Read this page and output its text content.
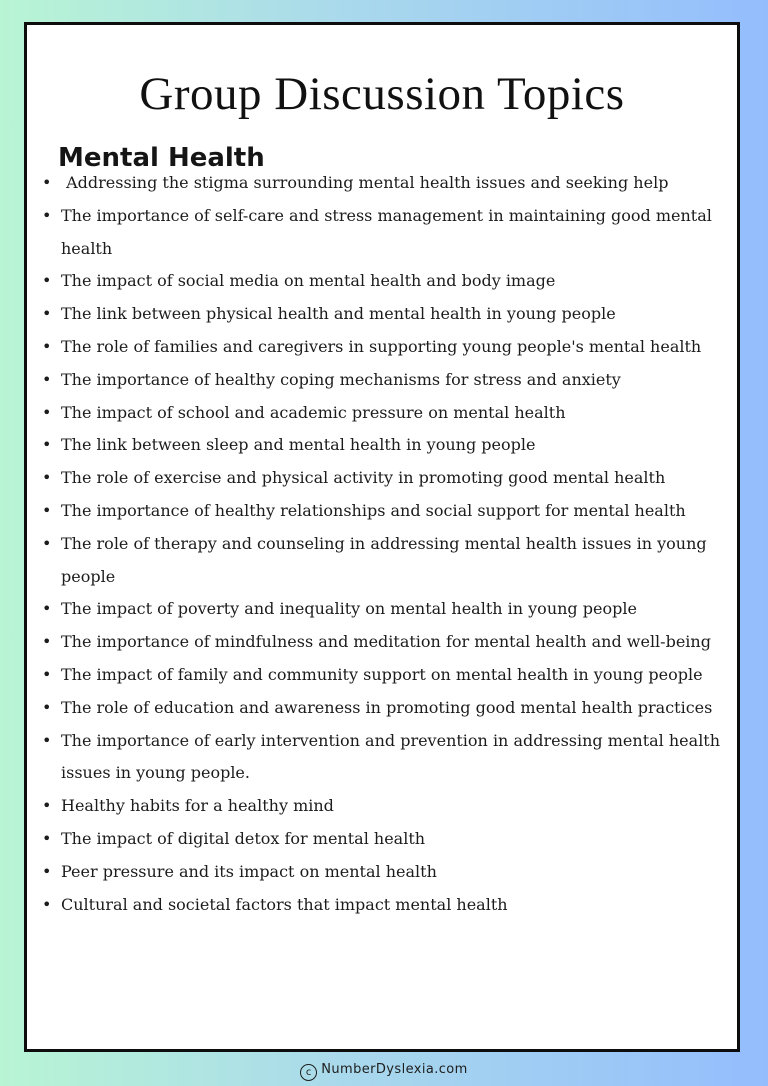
Group Discussion Topics
Mental Health
• Addressing the stigma surrounding mental health issues and seeking help
• The importance of self-care and stress management in maintaining good mental health
• The impact of social media on mental health and body image
• The link between physical health and mental health in young people
• The role of families and caregivers in supporting young people's mental health
• The importance of healthy coping mechanisms for stress and anxiety
• The impact of school and academic pressure on mental health
• The link between sleep and mental health in young people
• The role of exercise and physical activity in promoting good mental health
• The importance of healthy relationships and social support for mental health
• The role of therapy and counseling in addressing mental health issues in young people
• The impact of poverty and inequality on mental health in young people
• The importance of mindfulness and meditation for mental health and well-being
• The impact of family and community support on mental health in young people
• The role of education and awareness in promoting good mental health practices
• The importance of early intervention and prevention in addressing mental health issues in young people.
• Healthy habits for a healthy mind
• The impact of digital detox for mental health
• Peer pressure and its impact on mental health
• Cultural and societal factors that impact mental health
c NumberDyslexia.com
